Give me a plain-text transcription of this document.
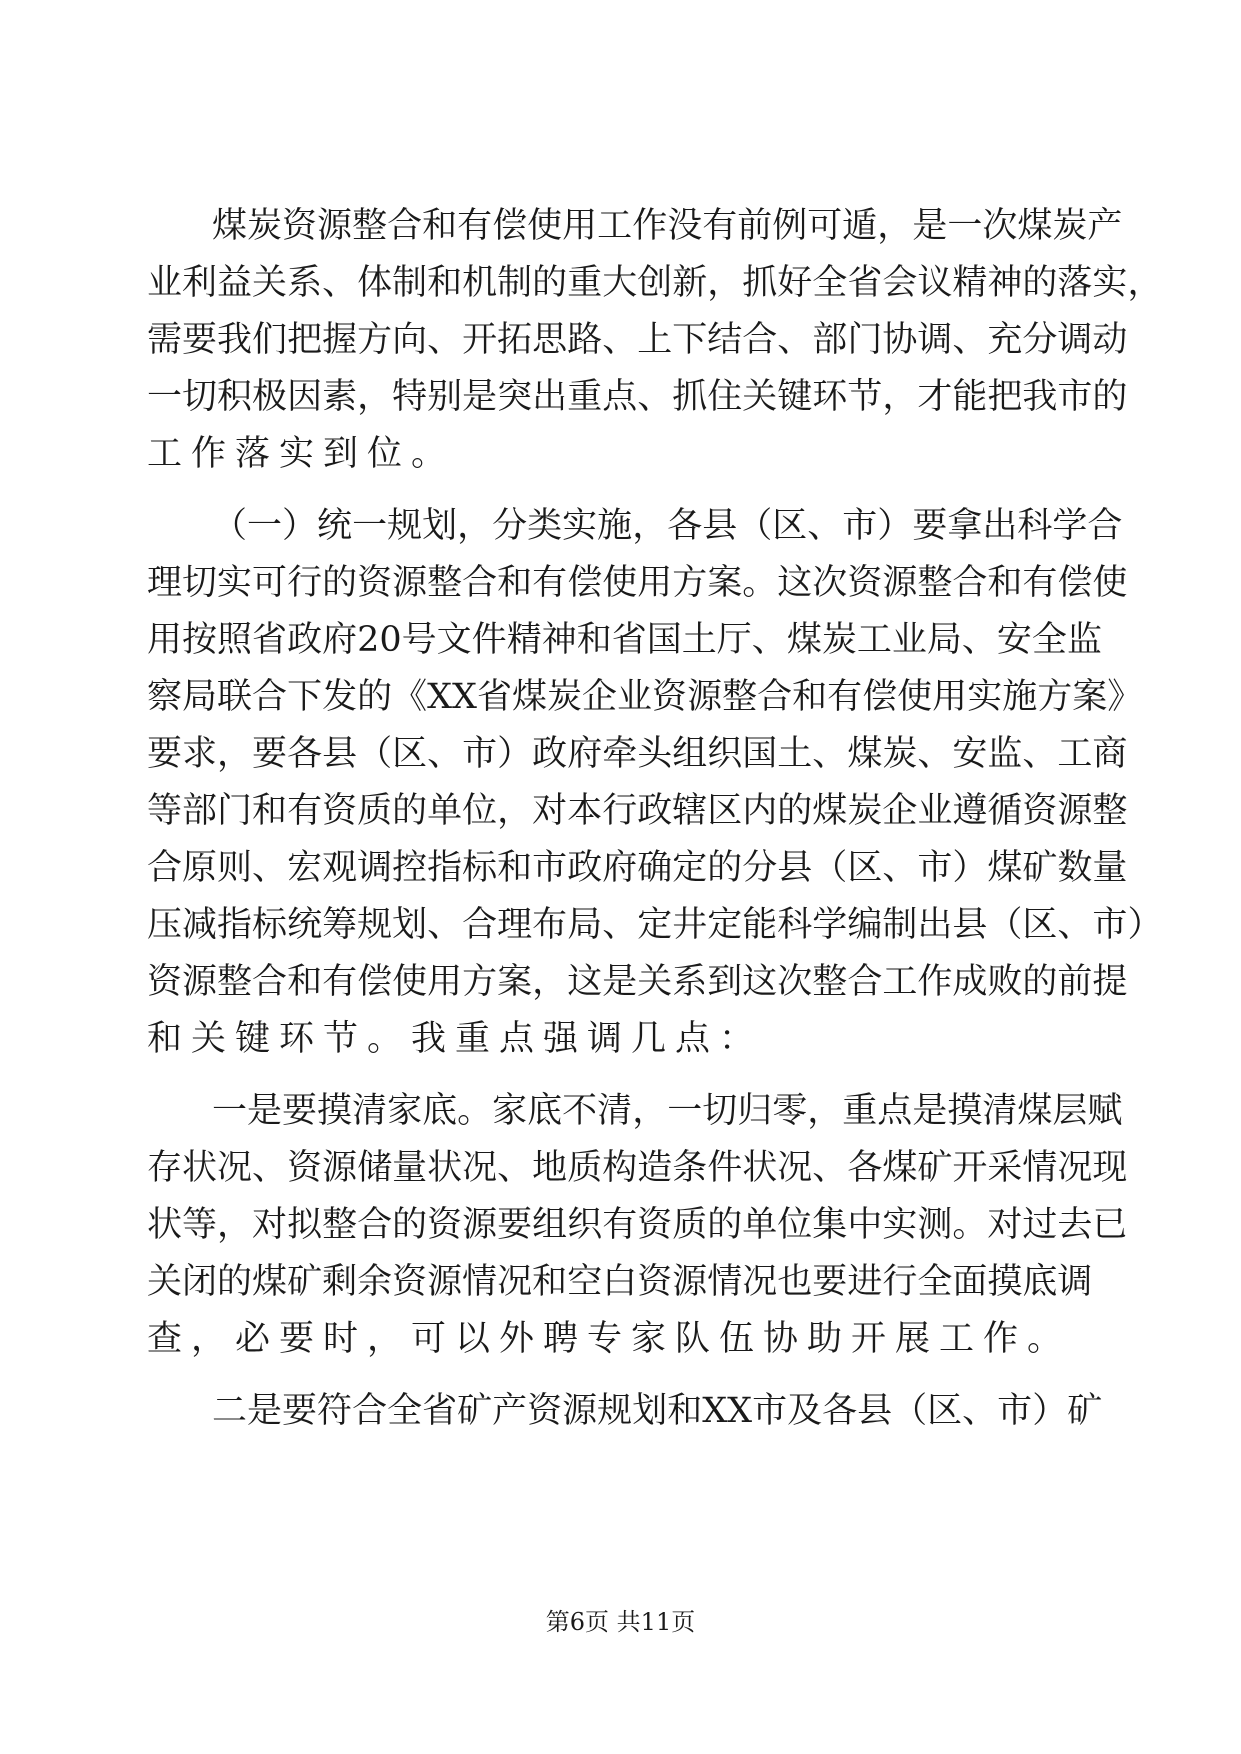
煤 炭 资 源 整 合 和 有 偿 使 用 工 作 没 有 前 例 可 遁 ， 是 一 次 煤 炭 产
业 利 益 关 系 、 体 制 和 机 制 的 重 大 创 新 ， 抓 好 全 省 会 议 精 神 的 落 实 ，
需 要 我 们 把 握 方 向 、 开 拓 思 路 、 上 下 结 合 、 部 门 协 调 、 充 分 调 动
一 切 积 极 因 素 ， 特 别 是 突 出 重 点 、 抓 住 关 键 环 节 ， 才 能 把 我 市 的
工作落实到位。
（ 一 ） 统 一 规 划 ， 分 类 实 施 ， 各 县 （ 区 、 市 ） 要 拿 出 科 学 合
理 切 实 可 行 的 资 源 整 合 和 有 偿 使 用 方 案 。 这 次 资 源 整 合 和 有 偿 使
用 按 照 省 政 府 20 号 文 件 精 神 和 省 国 土 厅 、 煤 炭 工 业 局 、 安 全 监
察 局 联 合 下 发 的 《 XX 省 煤 炭 企 业 资 源 整 合 和 有 偿 使 用 实 施 方 案 》
要 求 ， 要 各 县 （ 区 、 市 ） 政 府 牵 头 组 织 国 土 、 煤 炭 、 安 监 、 工 商
等 部 门 和 有 资 质 的 单 位 ， 对 本 行 政 辖 区 内 的 煤 炭 企 业 遵 循 资 源 整
合 原 则 、 宏 观 调 控 指 标 和 市 政 府 确 定 的 分 县 （ 区 、 市 ） 煤 矿 数 量
压 减 指 标 统 筹 规 划 、 合 理 布 局 、 定 井 定 能 科 学 编 制 出 县 （ 区 、 市 ）
资 源 整 合 和 有 偿 使 用 方 案 ， 这 是 关 系 到 这 次 整 合 工 作 成 败 的 前 提
和关键环节。我重点强调几点：
一 是 要 摸 清 家 底 。 家 底 不 清 ， 一 切 归 零 ， 重 点 是 摸 清 煤 层 赋
存 状 况 、 资 源 储 量 状 况 、 地 质 构 造 条 件 状 况 、 各 煤 矿 开 采 情 况 现
状 等 ， 对 拟 整 合 的 资 源 要 组 织 有 资 质 的 单 位 集 中 实 测 。 对 过 去 已
关 闭 的 煤 矿 剩 余 资 源 情 况 和 空 白 资 源 情 况 也 要 进 行 全 面 摸 底 调
查，必要时，可以外聘专家队伍协助开展工作。
二 是 要 符 合 全 省 矿 产 资 源 规 划 和 XX 市 及 各 县 （ 区 、 市 ） 矿
第6页 共11页
